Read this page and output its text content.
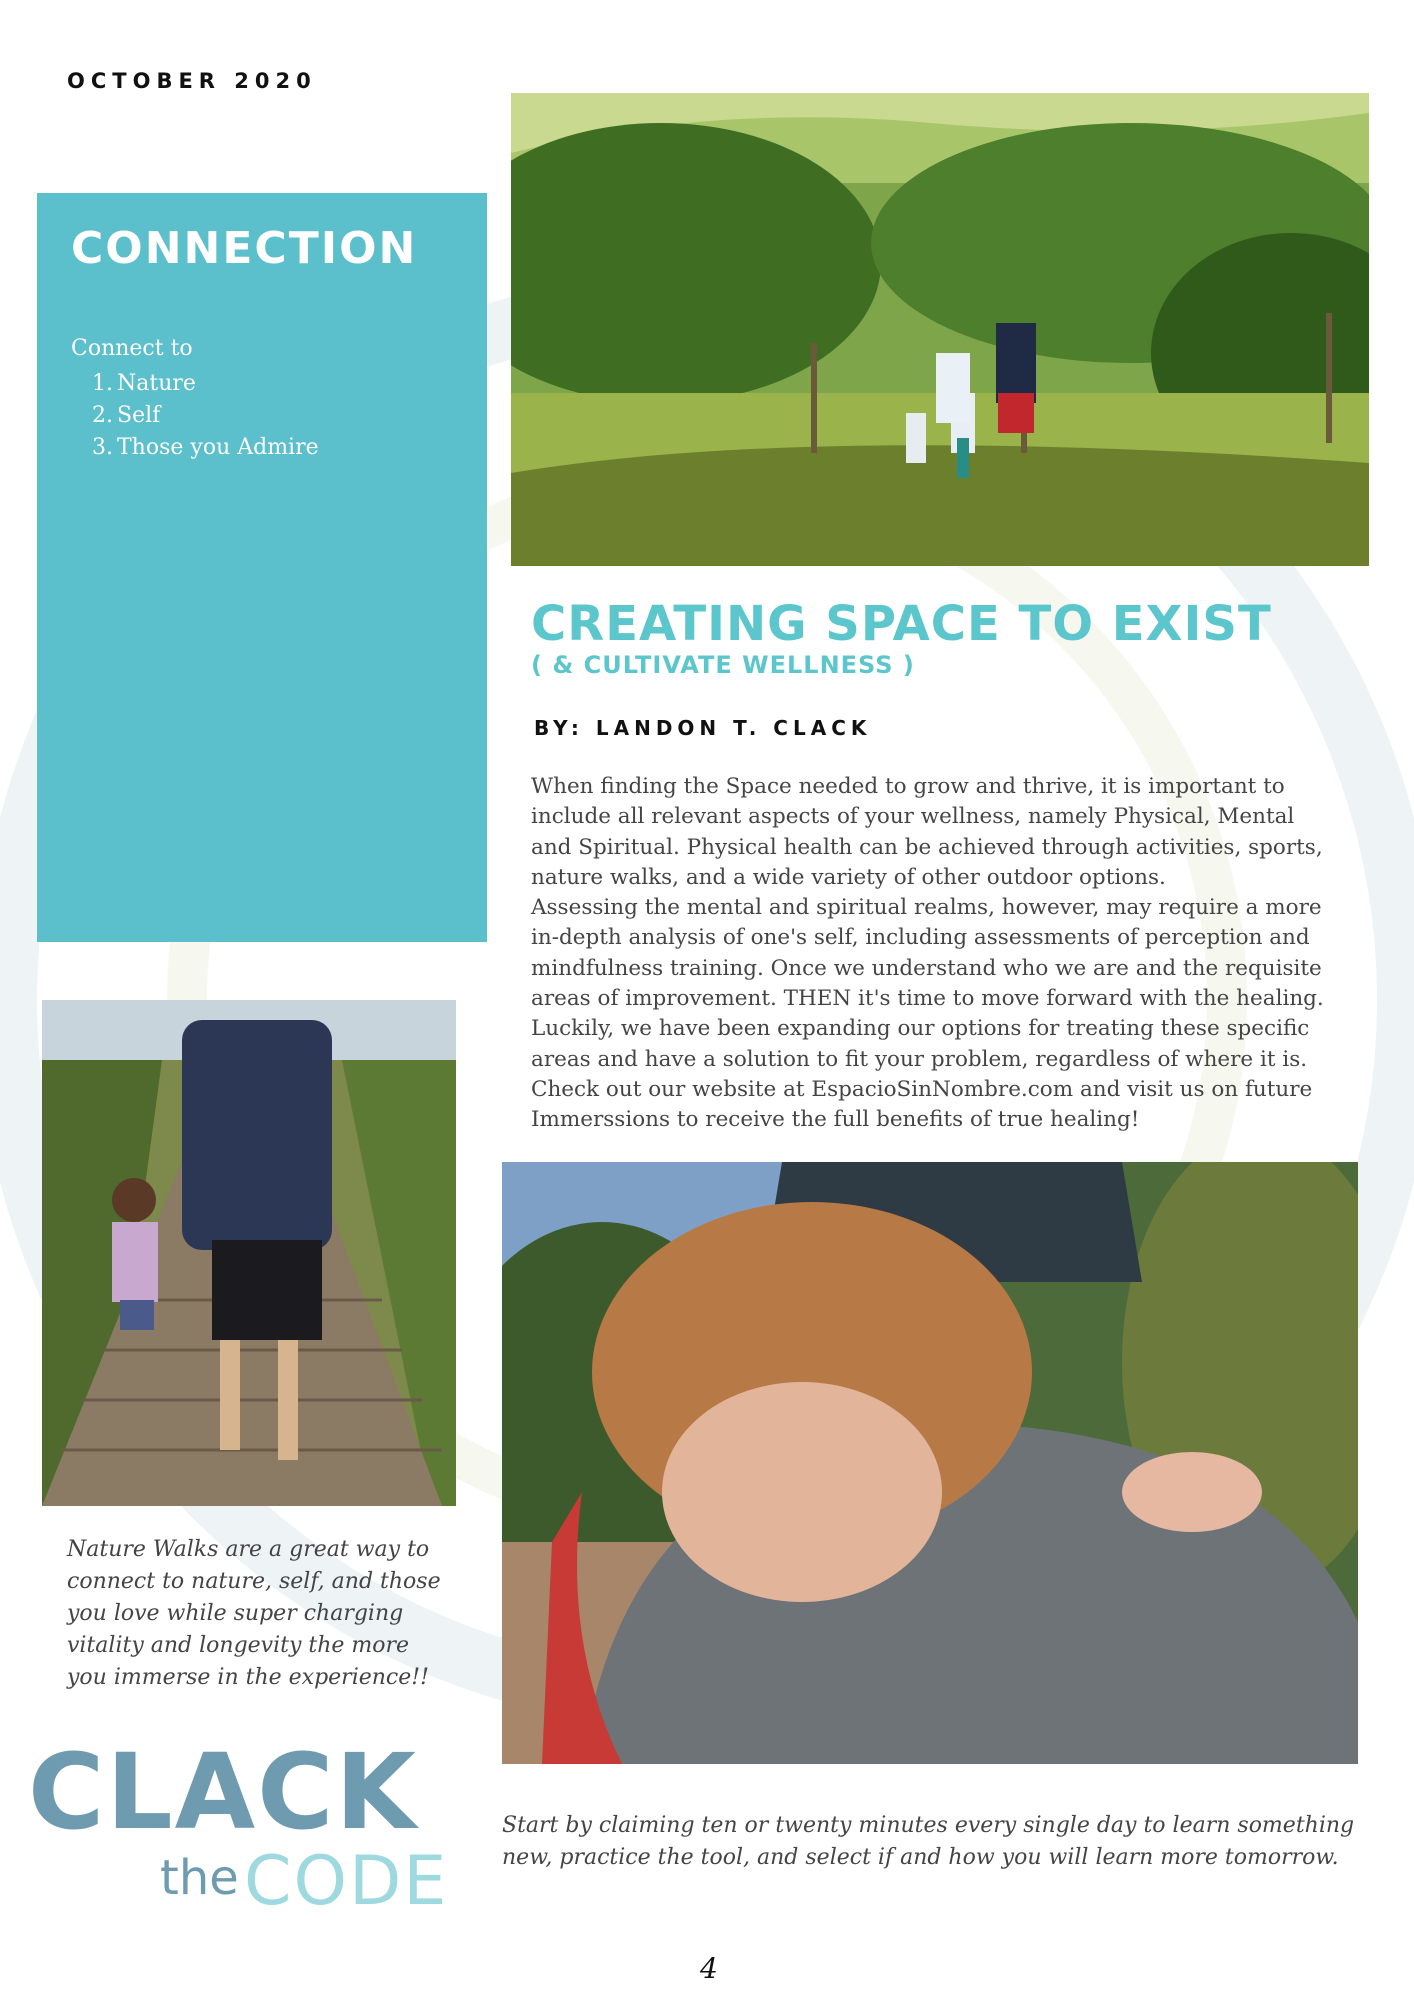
OCTOBER 2020
CONNECTION
Connect to
1. Nature
2. Self
3. Those you Admire
CREATING SPACE TO EXIST
( & CULTIVATE WELLNESS )
BY: LANDON T. CLACK

When finding the Space needed to grow and thrive, it is important to include all relevant aspects of your wellness, namely Physical, Mental and Spiritual. Physical health can be achieved through activities, sports, nature walks, and a wide variety of other outdoor options.

Assessing the mental and spiritual realms, however, may require a more in-depth analysis of one's self, including assessments of perception and mindfulness training. Once we understand who we are and the requisite areas of improvement. THEN it's time to move forward with the healing. Luckily, we have been expanding our options for treating these specific areas and have a solution to fit your problem, regardless of where it is. Check out our website at EspacioSinNombre.com and visit us on future Immerssions to receive the full benefits of true healing!

Nature Walks are a great way to connect to nature, self, and those you love while super charging vitality and longevity the more you immerse in the experience!!

CLACK
the CODE

Start by claiming ten or twenty minutes every single day to learn something new, practice the tool, and select if and how you will learn more tomorrow.

4
